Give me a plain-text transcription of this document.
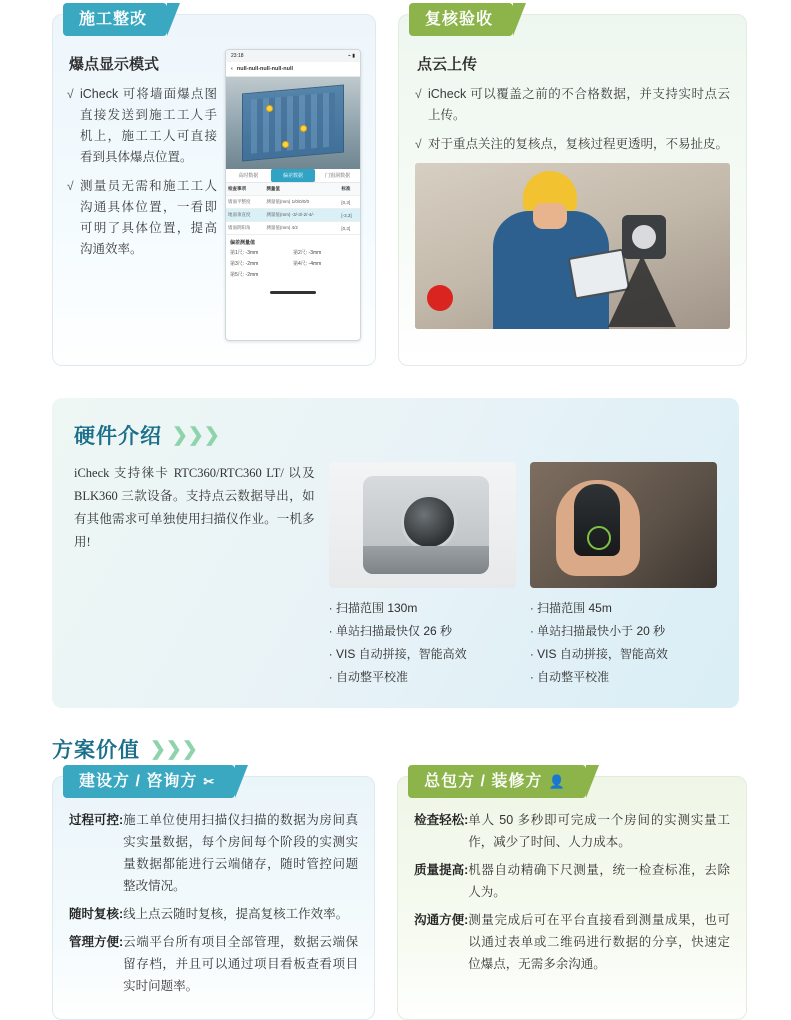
施工整改
爆点显示模式
√ iCheck 可将墙面爆点图直接发送到施工工人手机上，施工工人可直接看到具体爆点位置。
√ 测量员无需和施工工人沟通具体位置，一看即可明了具体位置，提高沟通效率。
23:18	⌁ ▮
‹ null-null-null-null-null
高时数据	偏差数据	门窗洞数据
检查事项	测量值	标准
墙面平整度	测量值(mm) 1/0/0/0/0	[0,3]
地面垂直度	测量值(mm) -3/-3/-2/-4/-	[-3,3]
墙面阴阳角	测量值(mm) 4/2	[0,3]
偏差测量值
第1尺: -3mm	第2尺: -3mm
第3尺: -2mm	第4尺: -4mm
第5尺: -2mm
复核验收
点云上传
√ iCheck 可以覆盖之前的不合格数据，并支持实时点云上传。
√ 对于重点关注的复核点，复核过程更透明，不易扯皮。
硬件介绍 ❯❯❯
iCheck 支持徕卡 RTC360/RTC360 LT/ 以及 BLK360 三款设备。支持点云数据导出，如有其他需求可单独使用扫描仪作业。一机多用!
· 扫描范围 130m
· 单站扫描最快仅 26 秒
· VIS 自动拼接，智能高效
· 自动整平校准
· 扫描范围 45m
· 单站扫描最快小于 20 秒
· VIS 自动拼接，智能高效
· 自动整平校准
方案价值 ❯❯❯
建设方 / 咨询方 ✂
过程可控: 施工单位使用扫描仪扫描的数据为房间真实实量数据，每个房间每个阶段的实测实量数据都能进行云端储存，随时管控问题整改情况。
随时复核: 线上点云随时复核，提高复核工作效率。
管理方便: 云端平台所有项目全部管理，数据云端保留存档，并且可以通过项目看板查看项目实时问题率。
总包方 / 装修方 👤
检查轻松: 单人 50 多秒即可完成一个房间的实测实量工作，减少了时间、人力成本。
质量提高: 机器自动精确下尺测量，统一检查标准，去除人为。
沟通方便: 测量完成后可在平台直接看到测量成果，也可以通过表单或二维码进行数据的分享，快速定位爆点，无需多余沟通。
